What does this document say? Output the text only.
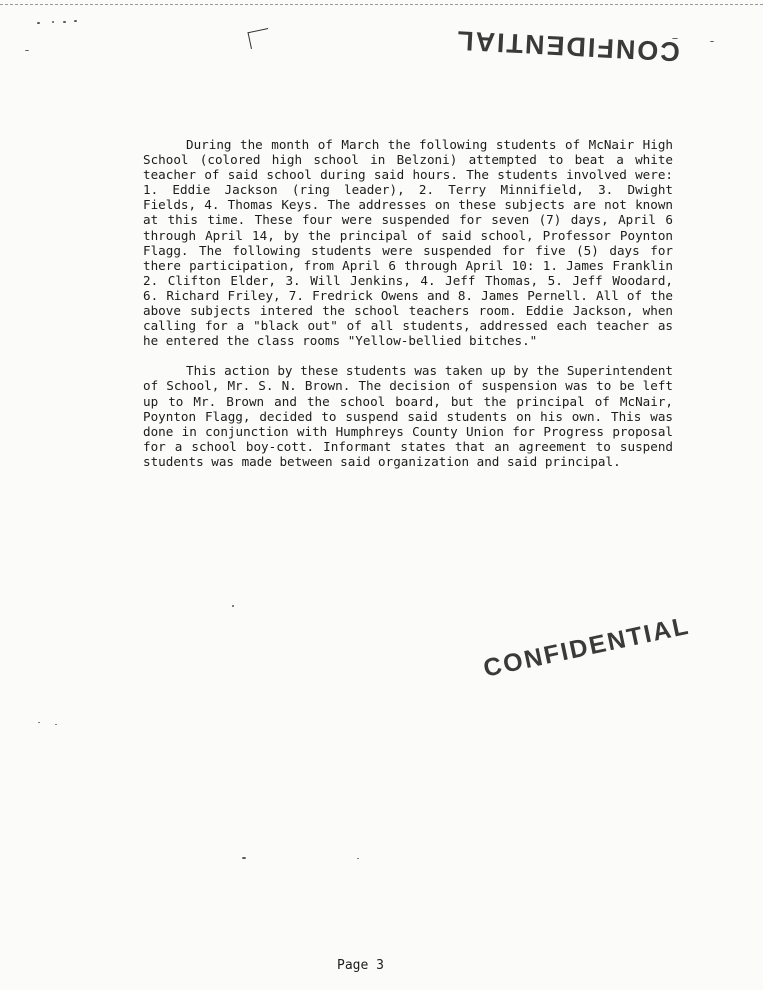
CONFIDENTIAL

During the month of March the following students of McNair High School (colored high school in Belzoni) attempted to beat a white teacher of said school during said hours. The students involved were: 1. Eddie Jackson (ring leader), 2. Terry Minnifield, 3. Dwight Fields, 4. Thomas Keys. The addresses on these subjects are not known at this time. These four were suspended for seven (7) days, April 6 through April 14, by the principal of said school, Professor Poynton Flagg. The following students were suspended for five (5) days for there participation, from April 6 through April 10: 1. James Franklin 2. Clifton Elder, 3. Will Jenkins, 4. Jeff Thomas, 5. Jeff Woodard, 6. Richard Friley, 7. Fredrick Owens and 8. James Pernell. All of the above subjects intered the school teachers room. Eddie Jackson, when calling for a "black out" of all students, addressed each teacher as he entered the class rooms "Yellow-bellied bitches."

This action by these students was taken up by the Superintendent of School, Mr. S. N. Brown. The decision of suspension was to be left up to Mr. Brown and the school board, but the principal of McNair, Poynton Flagg, decided to suspend said students on his own. This was done in conjunction with Humphreys County Union for Progress proposal for a school boy-cott. Informant states that an agreement to suspend students was made between said organization and said principal.

CONFIDENTIAL
Page 3
